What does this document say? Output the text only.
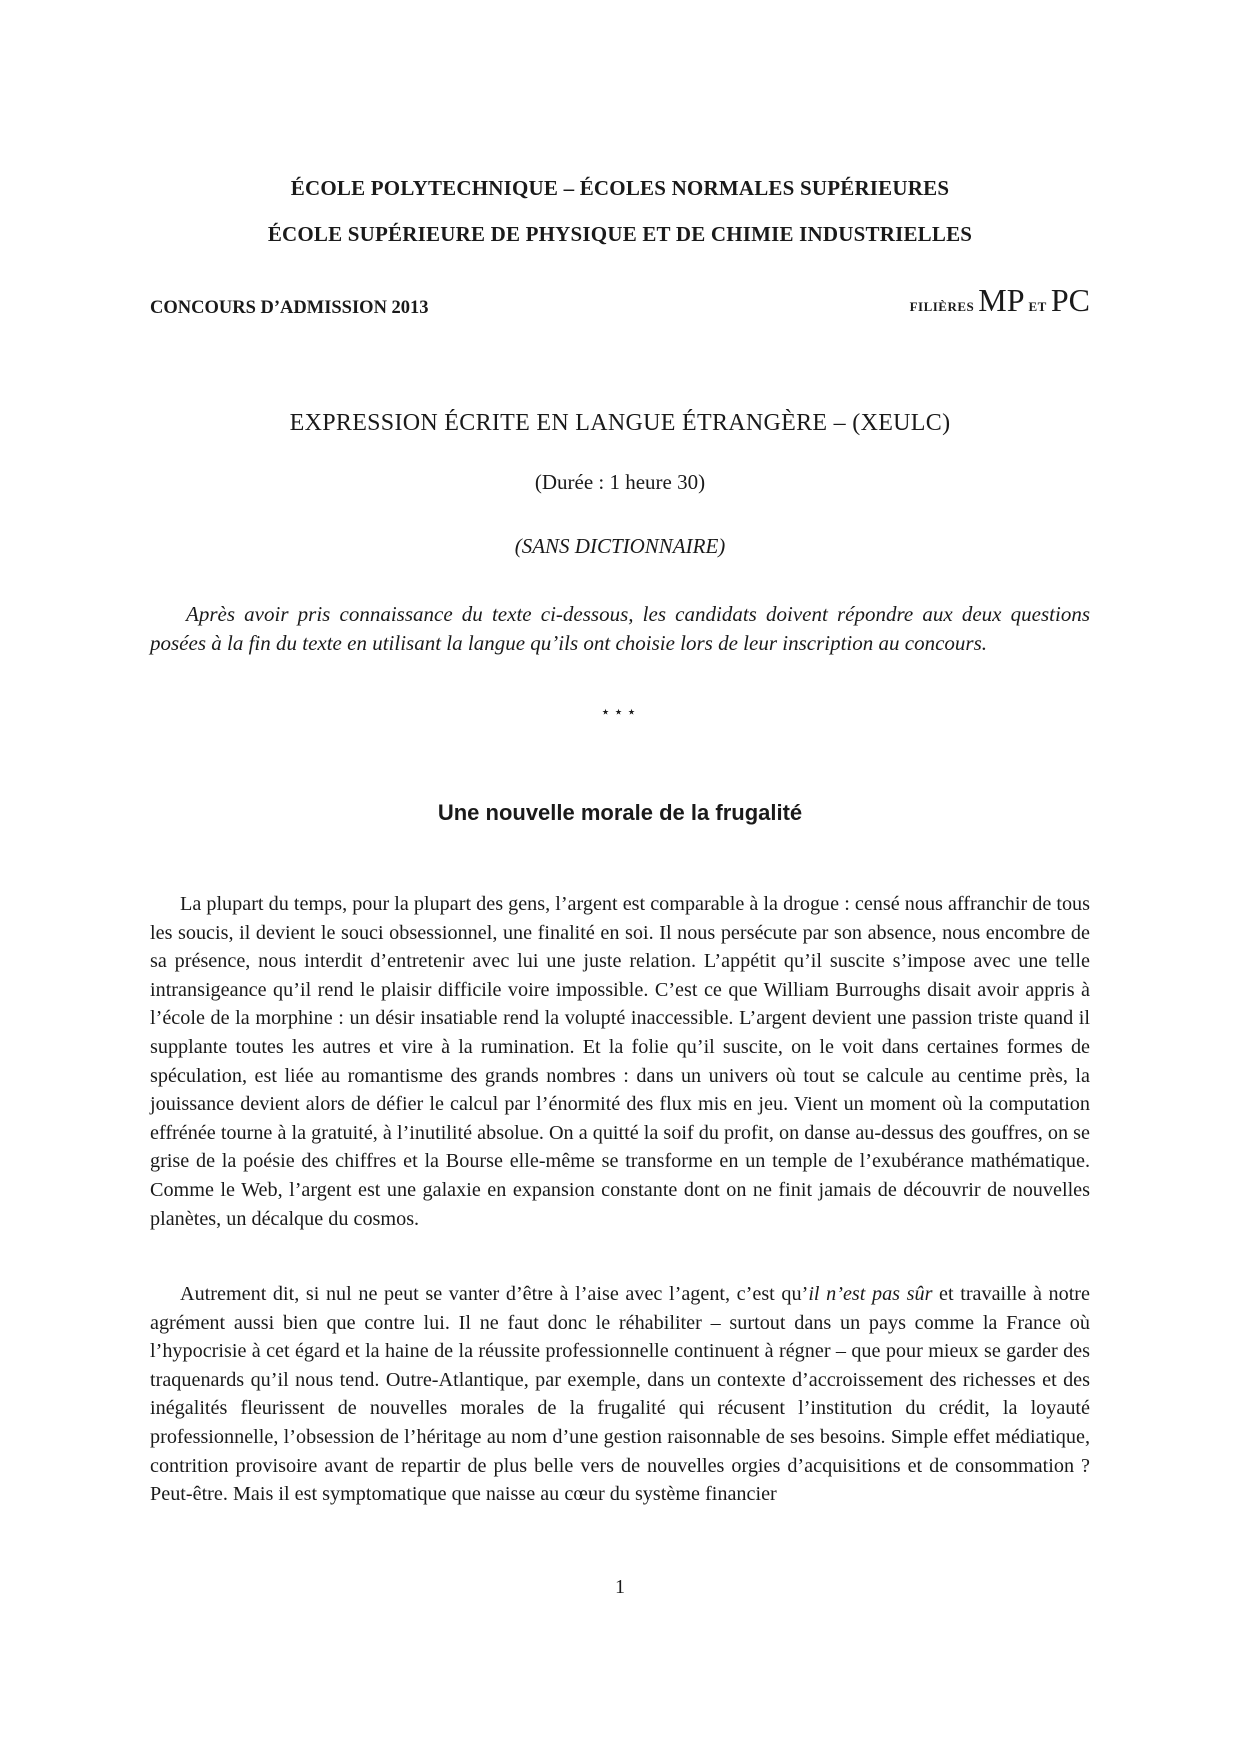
ÉCOLE POLYTECHNIQUE – ÉCOLES NORMALES SUPÉRIEURES
ÉCOLE SUPÉRIEURE DE PHYSIQUE ET DE CHIMIE INDUSTRIELLES
CONCOURS D’ADMISSION 2013	filières MP et PC
EXPRESSION ÉCRITE EN LANGUE ÉTRANGÈRE – (XEULC)
(Durée : 1 heure 30)
(SANS DICTIONNAIRE)

Après avoir pris connaissance du texte ci-dessous, les candidats doivent répondre aux deux questions posées à la fin du texte en utilisant la langue qu’ils ont choisie lors de leur inscription au concours.

⋆⋆⋆
Une nouvelle morale de la frugalité

La plupart du temps, pour la plupart des gens, l’argent est comparable à la drogue : censé nous affranchir de tous les soucis, il devient le souci obsessionnel, une finalité en soi. Il nous persécute par son absence, nous encombre de sa présence, nous interdit d’entretenir avec lui une juste relation. L’appétit qu’il suscite s’impose avec une telle intransigeance qu’il rend le plaisir difficile voire impossible. C’est ce que William Burroughs disait avoir appris à l’école de la morphine : un désir insatiable rend la volupté inaccessible. L’argent devient une passion triste quand il supplante toutes les autres et vire à la rumination. Et la folie qu’il suscite, on le voit dans certaines formes de spéculation, est liée au romantisme des grands nombres : dans un univers où tout se calcule au centime près, la jouissance devient alors de défier le calcul par l’énormité des flux mis en jeu. Vient un moment où la computation effrénée tourne à la gratuité, à l’inutilité absolue. On a quitté la soif du profit, on danse au-dessus des gouffres, on se grise de la poésie des chiffres et la Bourse elle-même se transforme en un temple de l’exubérance mathématique. Comme le Web, l’argent est une galaxie en expansion constante dont on ne finit jamais de découvrir de nouvelles planètes, un décalque du cosmos.

Autrement dit, si nul ne peut se vanter d’être à l’aise avec l’agent, c’est qu’il n’est pas sûr et travaille à notre agrément aussi bien que contre lui. Il ne faut donc le réhabiliter – surtout dans un pays comme la France où l’hypocrisie à cet égard et la haine de la réussite professionnelle continuent à régner – que pour mieux se garder des traquenards qu’il nous tend. Outre-Atlantique, par exemple, dans un contexte d’accroissement des richesses et des inégalités fleurissent de nouvelles morales de la frugalité qui récusent l’institution du crédit, la loyauté professionnelle, l’obsession de l’héritage au nom d’une gestion raisonnable de ses besoins. Simple effet médiatique, contrition provisoire avant de repartir de plus belle vers de nouvelles orgies d’acquisitions et de consommation ? Peut-être. Mais il est symptomatique que naisse au cœur du système financier

1
